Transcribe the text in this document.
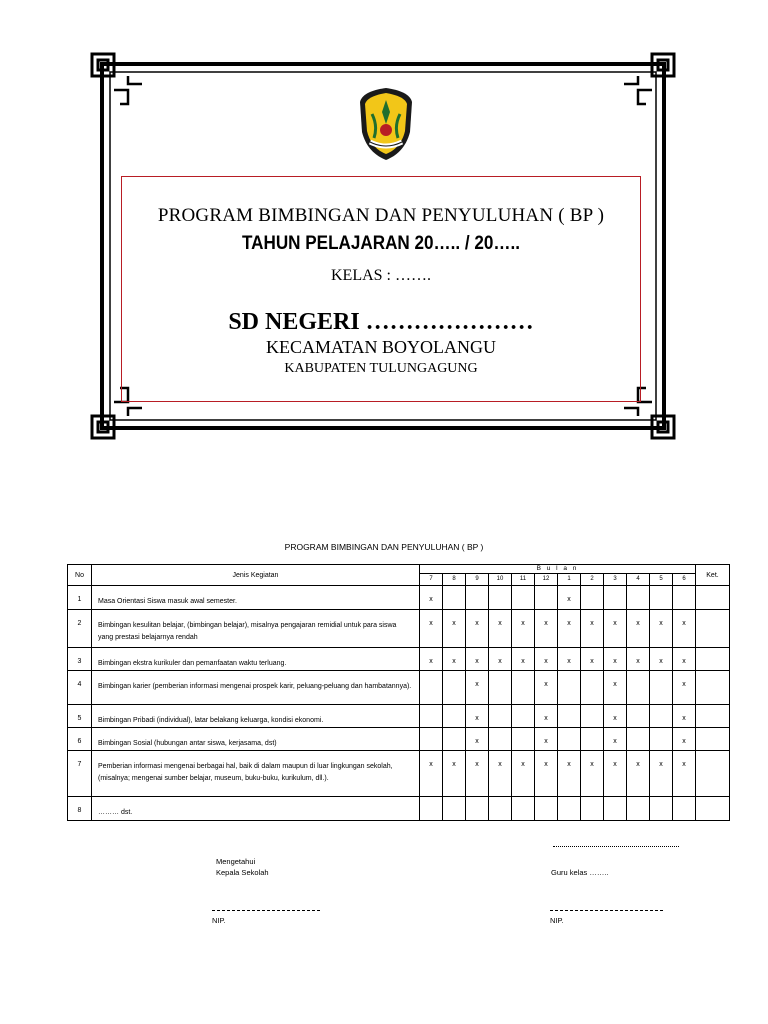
PROGRAM BIMBINGAN DAN PENYULUHAN ( BP )
TAHUN PELAJARAN 20….. / 20…..
KELAS : …….
SD NEGERI …………………
KECAMATAN BOYOLANGU
KABUPATEN TULUNGAGUNG
PROGRAM BIMBINGAN DAN PENYULUHAN ( BP )
No	Jenis Kegiatan	B u l a n												Ket.
		7	8	9	10	11	12	1	2	3	4	5	6	
1	Masa Orientasi Siswa masuk awal semester.	x						x						
2	Bimbingan kesulitan belajar, (bimbingan belajar), misalnya pengajaran remidial untuk para siswa yang prestasi belajarnya rendah	x	x	x	x	x	x	x	x	x	x	x	x	
3	Bimbingan ekstra kurikuler dan pemanfaatan waktu terluang.	x	x	x	x	x	x	x	x	x	x	x	x	
4	Bimbingan karier (pemberian informasi mengenai prospek karir, peluang-peluang dan hambatannya).			x			x			x			x	
5	Bimbingan Pribadi (individual), latar belakang keluarga, kondisi ekonomi.			x			x			x			x	
6	Bimbingan Sosial (hubungan antar siswa, kerjasama, dst)			x			x			x			x	
7	Pemberian informasi mengenai berbagai hal, baik di dalam maupun di luar lingkungan sekolah, (misalnya; mengenai sumber belajar, museum, buku-buku, kurikulum, dll.).	x	x	x	x	x	x	x	x	x	x	x	x	
8	……… dst.													
Mengetahui
Kepala Sekolah	Guru kelas ……..
NIP.	NIP.
